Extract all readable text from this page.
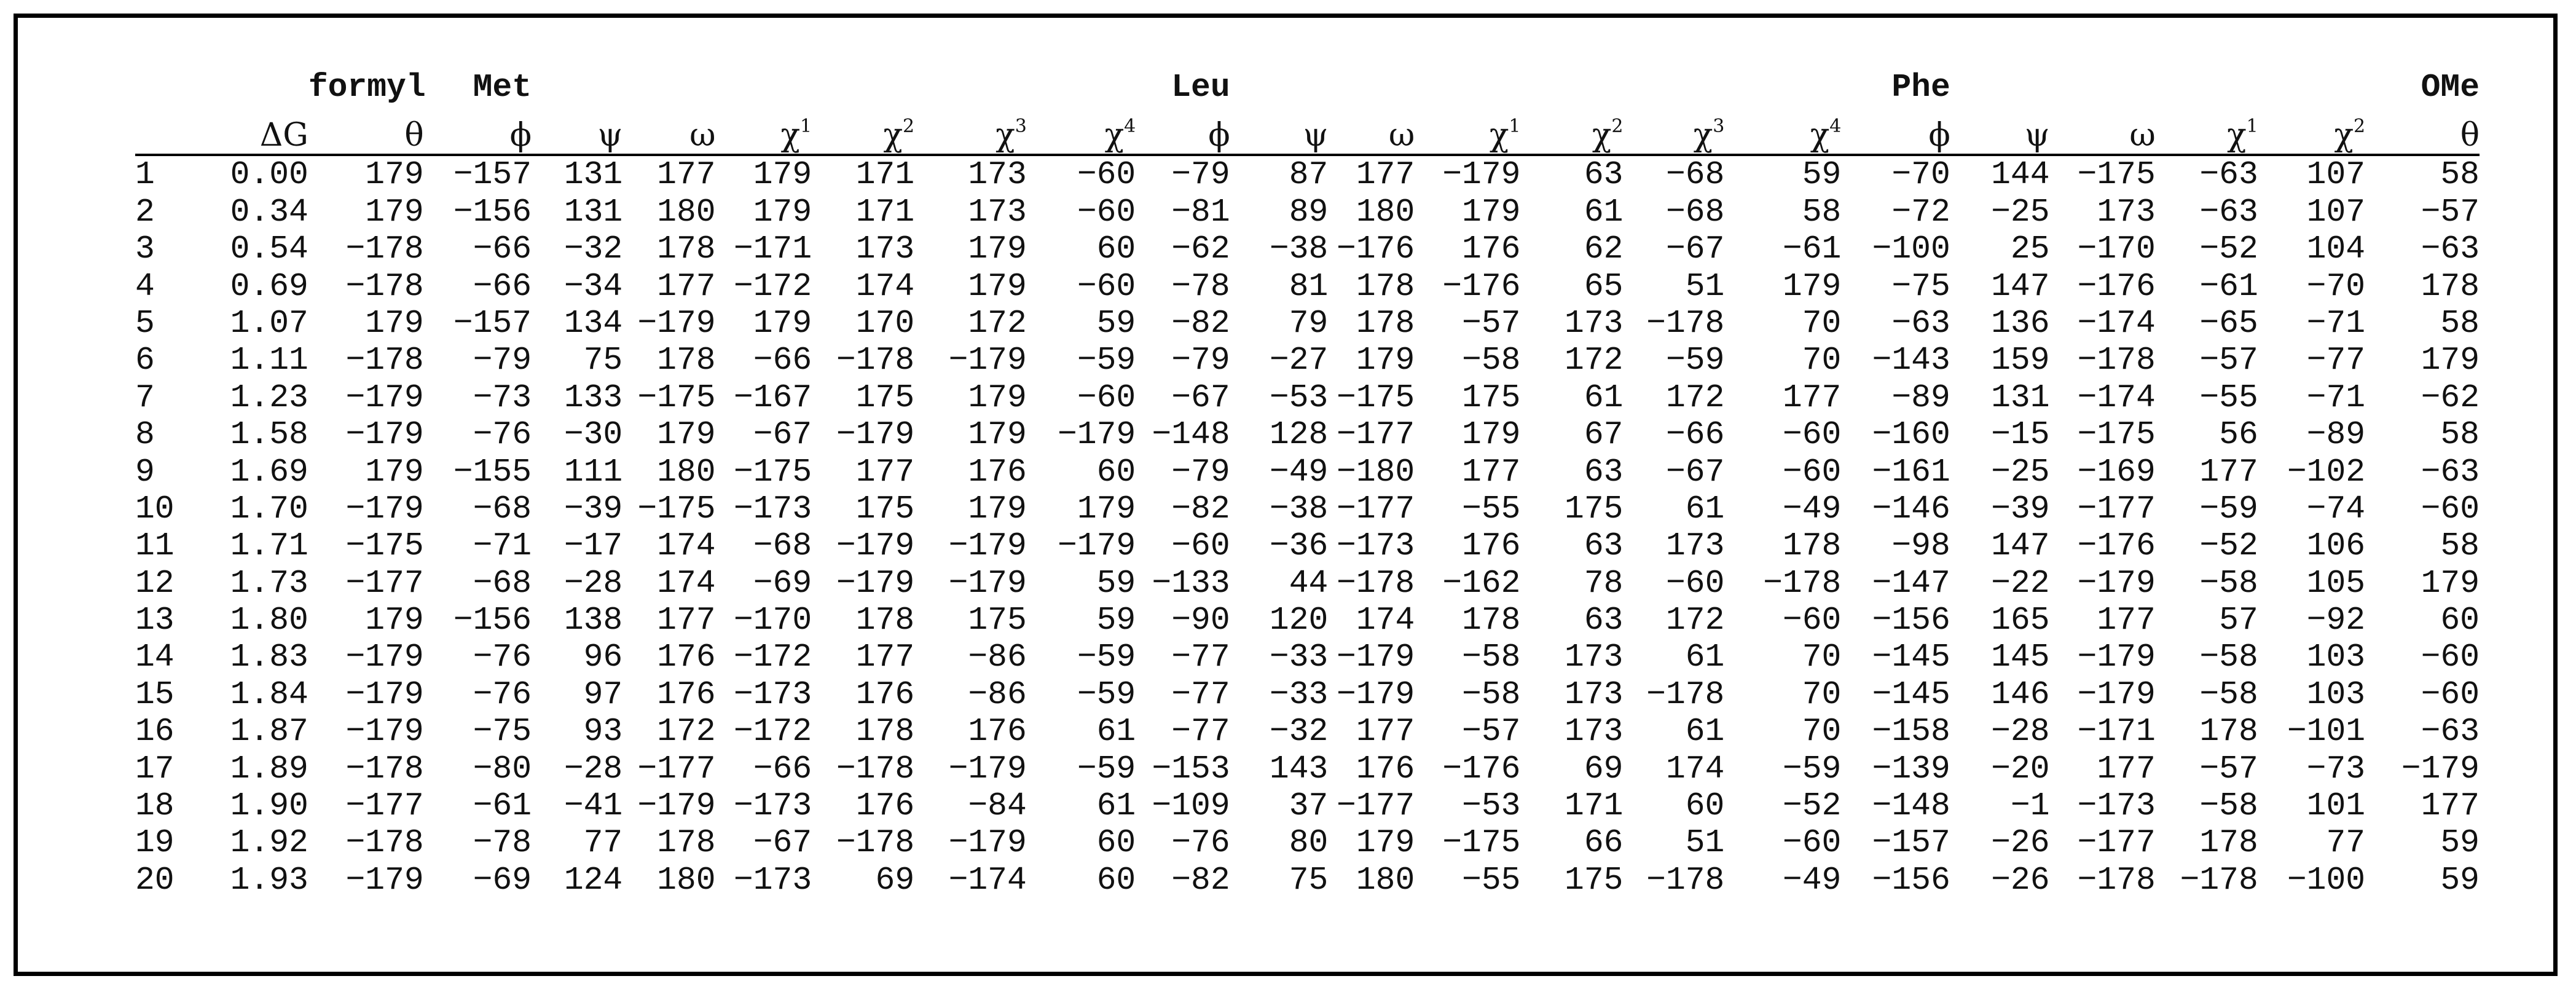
		formyl	Met							Leu							Phe					OMe
	ΔG	θ	ϕ	ψ	ω	$\chi^1$	$\chi^2$	$\chi^3$	$\chi^4$	ϕ	ψ	ω	$\chi^1$	$\chi^2$	$\chi^3$	$\chi^4$	ϕ	ψ	ω	$\chi^1$	$\chi^2$	θ
1	0.00	179	−157	131	177	179	171	173	−60	−79	87	177	−179	63	−68	59	−70	144	−175	−63	107	58
2	0.34	179	−156	131	180	179	171	173	−60	−81	89	180	179	61	−68	58	−72	−25	173	−63	107	−57
3	0.54	−178	−66	−32	178	−171	173	179	60	−62	−38	−176	176	62	−67	−61	−100	25	−170	−52	104	−63
4	0.69	−178	−66	−34	177	−172	174	179	−60	−78	81	178	−176	65	51	179	−75	147	−176	−61	−70	178
5	1.07	179	−157	134	−179	179	170	172	59	−82	79	178	−57	173	−178	70	−63	136	−174	−65	−71	58
6	1.11	−178	−79	75	178	−66	−178	−179	−59	−79	−27	179	−58	172	−59	70	−143	159	−178	−57	−77	179
7	1.23	−179	−73	133	−175	−167	175	179	−60	−67	−53	−175	175	61	172	177	−89	131	−174	−55	−71	−62
8	1.58	−179	−76	−30	179	−67	−179	179	−179	−148	128	−177	179	67	−66	−60	−160	−15	−175	56	−89	58
9	1.69	179	−155	111	180	−175	177	176	60	−79	−49	−180	177	63	−67	−60	−161	−25	−169	177	−102	−63
10	1.70	−179	−68	−39	−175	−173	175	179	179	−82	−38	−177	−55	175	61	−49	−146	−39	−177	−59	−74	−60
11	1.71	−175	−71	−17	174	−68	−179	−179	−179	−60	−36	−173	176	63	173	178	−98	147	−176	−52	106	58
12	1.73	−177	−68	−28	174	−69	−179	−179	59	−133	44	−178	−162	78	−60	−178	−147	−22	−179	−58	105	179
13	1.80	179	−156	138	177	−170	178	175	59	−90	120	174	178	63	172	−60	−156	165	177	57	−92	60
14	1.83	−179	−76	96	176	−172	177	−86	−59	−77	−33	−179	−58	173	61	70	−145	145	−179	−58	103	−60
15	1.84	−179	−76	97	176	−173	176	−86	−59	−77	−33	−179	−58	173	−178	70	−145	146	−179	−58	103	−60
16	1.87	−179	−75	93	172	−172	178	176	61	−77	−32	177	−57	173	61	70	−158	−28	−171	178	−101	−63
17	1.89	−178	−80	−28	−177	−66	−178	−179	−59	−153	143	176	−176	69	174	−59	−139	−20	177	−57	−73	−179
18	1.90	−177	−61	−41	−179	−173	176	−84	61	−109	37	−177	−53	171	60	−52	−148	−1	−173	−58	101	177
19	1.92	−178	−78	77	178	−67	−178	−179	60	−76	80	179	−175	66	51	−60	−157	−26	−177	178	77	59
20	1.93	−179	−69	124	180	−173	69	−174	60	−82	75	180	−55	175	−178	−49	−156	−26	−178	−178	−100	59
